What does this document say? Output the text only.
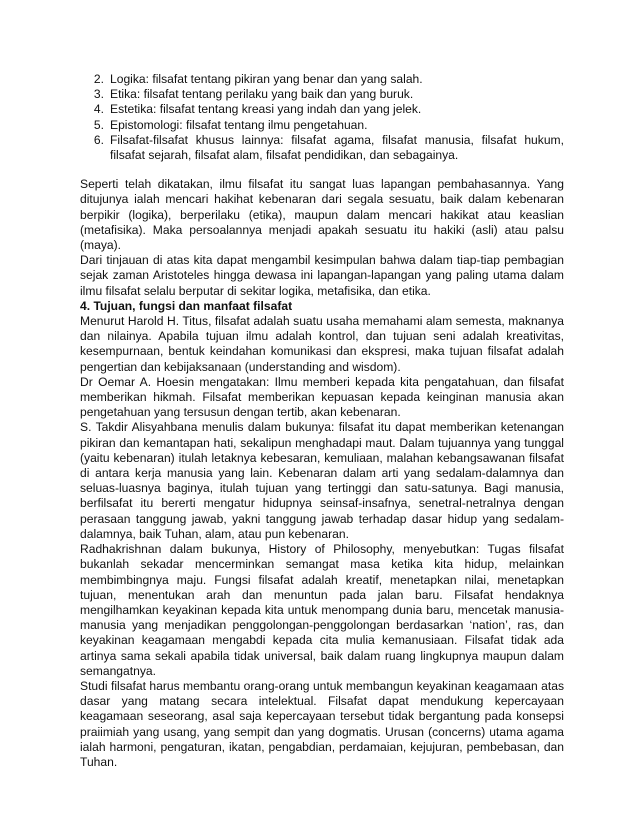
2. Logika: filsafat tentang pikiran yang benar dan yang salah.
3. Etika: filsafat tentang perilaku yang baik dan yang buruk.
4. Estetika: filsafat tentang kreasi yang indah dan yang jelek.
5. Epistomologi: filsafat tentang ilmu pengetahuan.
6. Filsafat-filsafat khusus lainnya: filsafat agama, filsafat manusia, filsafat hukum, filsafat sejarah, filsafat alam, filsafat pendidikan, dan sebagainya.

Seperti telah dikatakan, ilmu filsafat itu sangat luas lapangan pembahasannya. Yang ditujunya ialah mencari hakihat kebenaran dari segala sesuatu, baik dalam kebenaran berpikir (logika), berperilaku (etika), maupun dalam mencari hakikat atau keaslian (metafisika). Maka persoalannya menjadi apakah sesuatu itu hakiki (asli) atau palsu (maya).

Dari tinjauan di atas kita dapat mengambil kesimpulan bahwa dalam tiap-tiap pembagian sejak zaman Aristoteles hingga dewasa ini lapangan-lapangan yang paling utama dalam ilmu filsafat selalu berputar di sekitar logika, metafisika, dan etika.

4. Tujuan, fungsi dan manfaat filsafat

Menurut Harold H. Titus, filsafat adalah suatu usaha memahami alam semesta, maknanya dan nilainya. Apabila tujuan ilmu adalah kontrol, dan tujuan seni adalah kreativitas, kesempurnaan, bentuk keindahan komunikasi dan ekspresi, maka tujuan filsafat adalah pengertian dan kebijaksanaan (understanding and wisdom).

Dr Oemar A. Hoesin mengatakan: Ilmu memberi kepada kita pengatahuan, dan filsafat memberikan hikmah. Filsafat memberikan kepuasan kepada keinginan manusia akan pengetahuan yang tersusun dengan tertib, akan kebenaran.

S. Takdir Alisyahbana menulis dalam bukunya: filsafat itu dapat memberikan ketenangan pikiran dan kemantapan hati, sekalipun menghadapi maut. Dalam tujuannya yang tunggal (yaitu kebenaran) itulah letaknya kebesaran, kemuliaan, malahan kebangsawanan filsafat di antara kerja manusia yang lain. Kebenaran dalam arti yang sedalam-dalamnya dan seluas-luasnya baginya, itulah tujuan yang tertinggi dan satu-satunya. Bagi manusia, berfilsafat itu bererti mengatur hidupnya seinsaf-insafnya, senetral-netralnya dengan perasaan tanggung jawab, yakni tanggung jawab terhadap dasar hidup yang sedalam-dalamnya, baik Tuhan, alam, atau pun kebenaran.

Radhakrishnan dalam bukunya, History of Philosophy, menyebutkan: Tugas filsafat bukanlah sekadar mencerminkan semangat masa ketika kita hidup, melainkan membimbingnya maju. Fungsi filsafat adalah kreatif, menetapkan nilai, menetapkan tujuan, menentukan arah dan menuntun pada jalan baru. Filsafat hendaknya mengilhamkan keyakinan kepada kita untuk menompang dunia baru, mencetak manusia-manusia yang menjadikan penggolongan-penggolongan berdasarkan ‘nation’, ras, dan keyakinan keagamaan mengabdi kepada cita mulia kemanusiaan. Filsafat tidak ada artinya sama sekali apabila tidak universal, baik dalam ruang lingkupnya maupun dalam semangatnya.

Studi filsafat harus membantu orang-orang untuk membangun keyakinan keagamaan atas dasar yang matang secara intelektual. Filsafat dapat mendukung kepercayaan keagamaan seseorang, asal saja kepercayaan tersebut tidak bergantung pada konsepsi praiimiah yang usang, yang sempit dan yang dogmatis. Urusan (concerns) utama agama ialah harmoni, pengaturan, ikatan, pengabdian, perdamaian, kejujuran, pembebasan, dan Tuhan.
